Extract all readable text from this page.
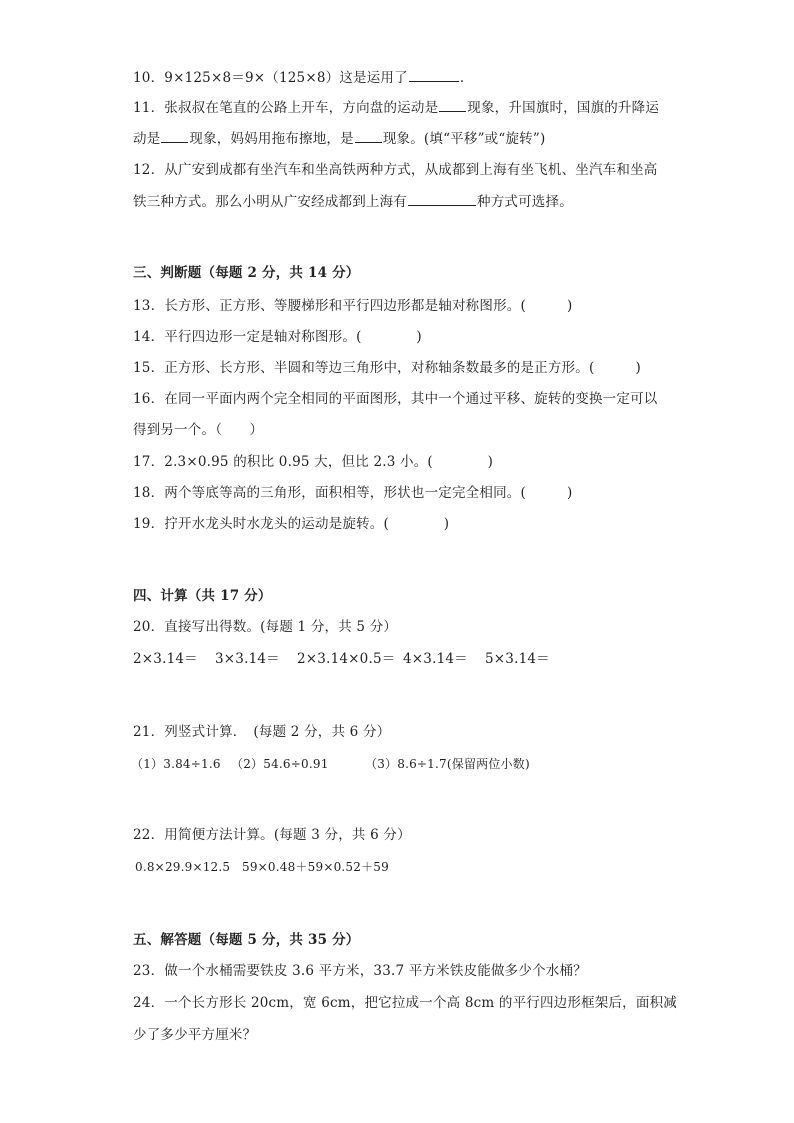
10．9×125×8＝9×（125×8）这是运用了	．
11．张叔叔在笔直的公路上开车，方向盘的运动是 现象，升国旗时，国旗的升降运
动是 现象，妈妈用拖布擦地，是 现象。(填“平移”或“旋转”)
12．从广安到成都有坐汽车和坐高铁两种方式，从成都到上海有坐飞机、坐汽车和坐高
铁三种方式。那么小明从广安经成都到上海有	种方式可选择。
三、判断题（每题 2 分，共 14 分）
13．长方形、正方形、等腰梯形和平行四边形都是轴对称图形。(　　　)
14．平行四边形一定是轴对称图形。(　　　　)
15．正方形、长方形、半圆和等边三角形中，对称轴条数最多的是正方形。(　　　)
16．在同一平面内两个完全相同的平面图形，其中一个通过平移、旋转的变换一定可以
得到另一个。（　　）
17．2.3×0.95 的积比 0.95 大，但比 2.3 小。(　　　　)
18．两个等底等高的三角形，面积相等，形状也一定完全相同。(　　　)
19．拧开水龙头时水龙头的运动是旋转。(　　　　)
四、计算（共 17 分）
20．直接写出得数。(每题 1 分，共 5 分）
2×3.14＝ 3×3.14＝ 2×3.14×0.5＝ 4×3.14＝ 5×3.14＝
21．列竖式计算．　(每题 2 分，共 6 分）
（1）3.84÷1.6 （2）54.6÷0.91	（3）8.6÷1.7(保留两位小数)
22．用简便方法计算。(每题 3 分，共 6 分）
0.8×29.9×12.5 59×0.48＋59×0.52＋59
五、解答题（每题 5 分，共 35 分）
23．做一个水桶需要铁皮 3.6 平方米，33.7 平方米铁皮能做多少个水桶？
24．一个长方形长 20cm，宽 6cm，把它拉成一个高 8cm 的平行四边形框架后，面积减
少了多少平方厘米？
